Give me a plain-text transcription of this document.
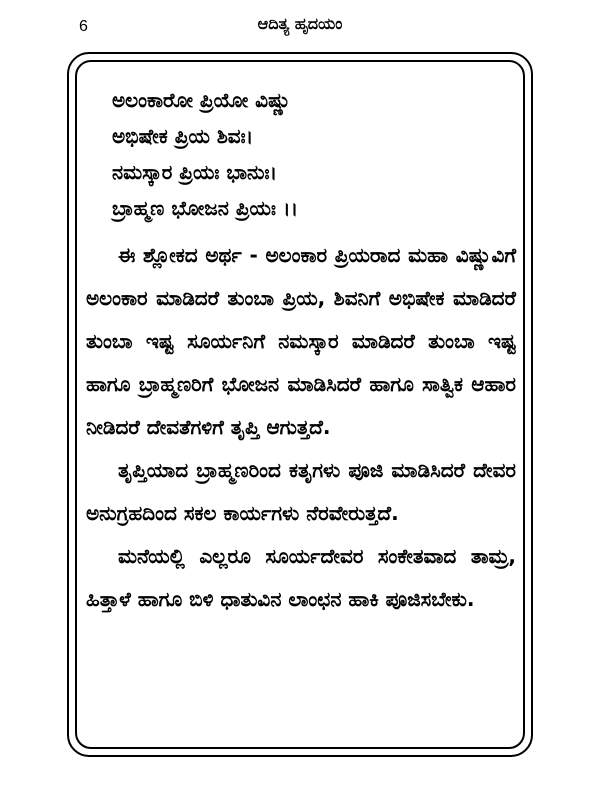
6	ಆದಿತ್ಯ ಹೃದಯಂ
ಅಲಂಕಾರೋ ಪ್ರಿಯೋ ವಿಷ್ಣು
ಅಭಿಷೇಕ ಪ್ರಿಯ ಶಿವಃ।
ನಮಸ್ಕಾರ ಪ್ರಿಯಃ ಭಾನುಃ।
ಬ್ರಾಹ್ಮಣ ಭೋಜನ ಪ್ರಿಯಃ ।।

ಈ ಶ್ಲೋಕದ ಅರ್ಥ - ಅಲಂಕಾರ ಪ್ರಿಯರಾದ ಮಹಾ ವಿಷ್ಣುವಿಗೆ ಅಲಂಕಾರ ಮಾಡಿದರೆ ತುಂಬಾ ಪ್ರಿಯ, ಶಿವನಿಗೆ ಅಭಿಷೇಕ ಮಾಡಿದರೆ ತುಂಬಾ ಇಷ್ಟ ಸೂರ್ಯನಿಗೆ ನಮಸ್ಕಾರ ಮಾಡಿದರೆ ತುಂಬಾ ಇಷ್ಟ ಹಾಗೂ ಬ್ರಾಹ್ಮಣರಿಗೆ ಭೋಜನ ಮಾಡಿಸಿದರೆ ಹಾಗೂ ಸಾತ್ವಿಕ ಆಹಾರ ನೀಡಿದರೆ ದೇವತೆಗಳಿಗೆ ತೃಪ್ತಿ ಆಗುತ್ತದೆ.

ತೃಪ್ತಿಯಾದ ಬ್ರಾಹ್ಮಣರಿಂದ ಕತೃಗಳು ಪೂಜಿ ಮಾಡಿಸಿದರೆ ದೇವರ ಅನುಗ್ರಹದಿಂದ ಸಕಲ ಕಾರ್ಯಗಳು ನೆರವೇರುತ್ತದೆ.

ಮನೆಯಲ್ಲಿ ಎಲ್ಲರೂ ಸೂರ್ಯದೇವರ ಸಂಕೇತವಾದ ತಾಮ್ರ, ಹಿತ್ತಾಳೆ ಹಾಗೂ ಬಿಳಿ ಧಾತುವಿನ ಲಾಂಛನ ಹಾಕಿ ಪೂಜಿಸಬೇಕು.
